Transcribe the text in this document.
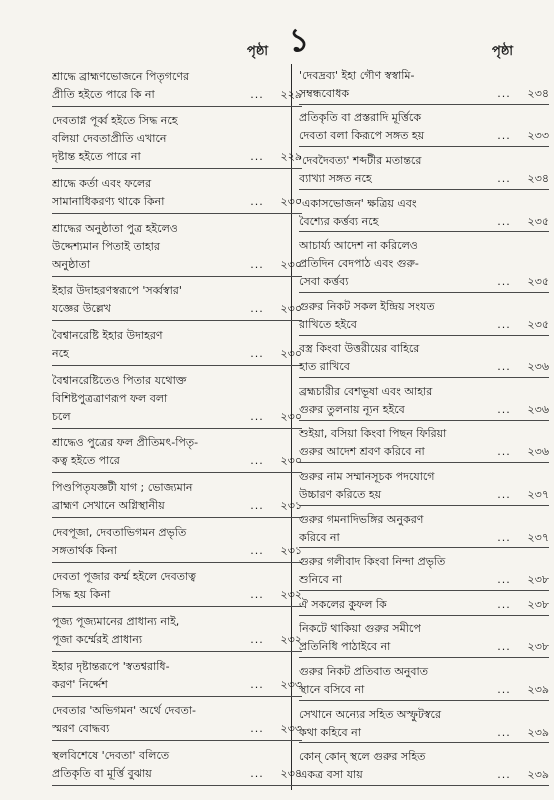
পৃষ্ঠা ১	পৃষ্ঠা
শ্রাদ্ধে ব্রাহ্মণভোজনে পিতৃগণের
প্রীতি হইতে পারে কি না	...	২২৯
দেবতাগ্ন পূর্ব্ব হইতে সিদ্ধ নহে
বলিয়া দেবতাপ্রীতি এখানে
দৃষ্টান্ত হইতে পারে না	...	২২৯
শ্রাদ্ধে কর্তা এবং ফলের
সামানাধিকরণ্য থাকে কিনা	...	২৩০
শ্রাদ্ধের অনুষ্ঠাতা পুত্র হইলেও
উদ্দেশ্যমান পিতাই তাহার
অনুষ্ঠাতা	...	২৩০
ইহার উদাহরণস্বরূপে 'সর্ব্বস্বার'
যজ্ঞের উল্লেখ	...	২৩০
বৈশ্বানরেষ্টি ইহার উদাহরণ
নহে	...	২৩০
বৈশ্বানরেষ্টিতেও পিতার যথোক্ত
বিশিষ্টপুত্রত্রাণরূপ ফল বলা
চলে	...	২৩০
শ্রাদ্ধেও পুত্রের ফল প্রীতিমৎ-পিতৃ-
কত্ব হইতে পারে	...	২৩০
পিণ্ডপিতৃযজ্ঞটী যাগ ; ভোজ্যমান
ব্রাহ্মণ সেখানে অগ্নিস্থানীয়	...	২৩১
দেবপূজা, দেবতাভিগমন প্রভৃতি
সঙ্গতার্থক কিনা	...	২৩১
দেবতা পূজার কর্ম্ম হইলে দেবতাত্ব
সিদ্ধ হয় কিনা	...	২৩২
পূজ্য পূজ্যমানের প্রাধান্য নাই,
পূজা কর্ম্মেরই প্রাধান্য	...	২৩২
ইহার দৃষ্টান্তরূপে 'স্বতশ্বরাধি-
করণ' নির্দ্দেশ	...	২৩৩
দেবতার 'অভিগমন' অর্থে দেবতা-
স্মরণ বোদ্ধব্য	...	২৩৩
স্থলবিশেষে 'দেবতা' বলিতে
প্রতিকৃতি বা মূর্ত্তি বুঝায়	...	২৩৪
'দেবদ্রব্য' ইহা গৌণ স্বস্বামি-
সম্বন্ধবোধক	...	২৩৪
প্রতিকৃতি বা প্রস্তরাদি মূর্ত্তিকে
দেবতা বলা কিরূপে সঙ্গত হয়	...	২৩৩
'দেবদৈবত্য' শব্দটীর মতান্তরে
ব্যাখ্যা সঙ্গত নহে	...	২৩৪
'একাসভোজন' ক্ষত্রিয় এবং
বৈশ্যের কর্ত্তব্য নহে	...	২৩৫
আচার্য্য আদেশ না করিলেও
প্রতিদিন বেদপাঠ এবং গুরু-
সেবা কর্ত্তব্য	...	২৩৫
গুরুর নিকট সকল ইন্দ্রিয় সংযত
রাখিতে হইবে	...	২৩৫
বস্ত্র কিংবা উত্তরীয়ের বাহিরে
হাত রাখিবে	...	২৩৬
ব্রহ্মচারীর বেশভূষা এবং আহার
গুরুর তুলনায় ন্যূন হইবে	...	২৩৬
শুইয়া, বসিয়া কিংবা পিছন ফিরিয়া
গুরুর আদেশ শ্রবণ করিবে না	...	২৩৬
গুরুর নাম সম্মানসূচক পদযোগে
উচ্চারণ করিতে হয়	...	২৩৭
গুরুর গমনাদিভঙ্গির অনুকরণ
করিবে না	...	২৩৭
গুরুর গলীবাদ কিংবা নিন্দা প্রভৃতি
শুনিবে না	...	২৩৮
ঐ সকলের কুফল কি	...	২৩৮
নিকটে থাকিয়া গুরুর সমীপে
প্রতিনিধি পাঠাইবে না	...	২৩৮
গুরুর নিকট প্রতিবাত অনুবাত
স্থানে বসিবে না	...	২৩৯
সেখানে অন্যের সহিত অস্ফুটস্বরে
কথা কহিবে না	...	২৩৯
কোন্ কোন্ স্থলে গুরুর সহিত
একত্র বসা যায়	...	২৩৯
